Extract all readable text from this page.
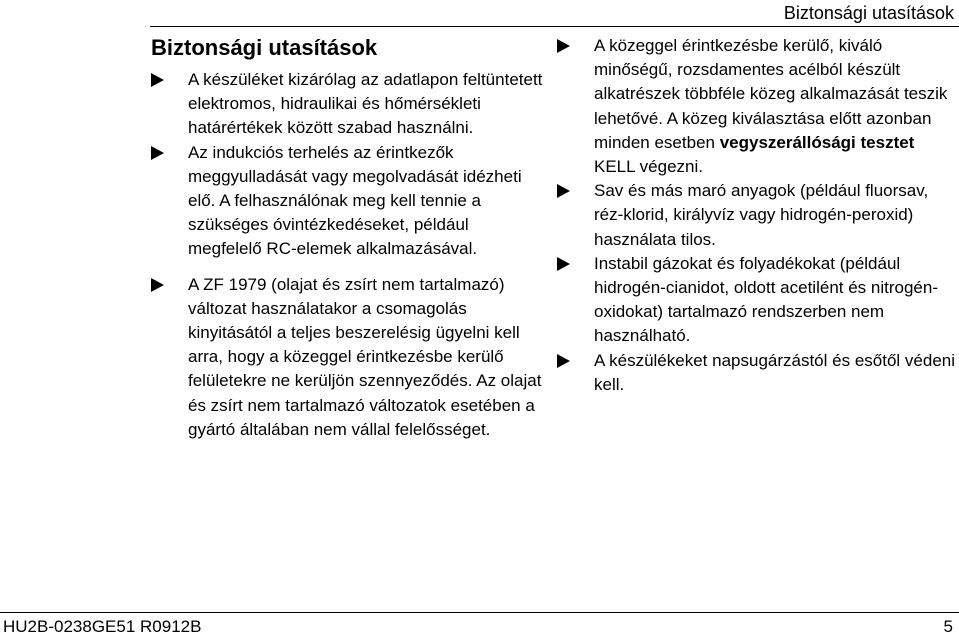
Biztonsági utasítások
Biztonsági utasítások

A készüléket kizárólag az adatlapon feltüntetett elektromos, hidraulikai és hőmérsékleti határértékek között szabad használni.

Az indukciós terhelés az érintkezők meggyulladását vagy megolvadását idézheti elő. A felhasználónak meg kell tennie a szükséges óvintézkedéseket, például megfelelő RC-elemek alkalmazásával.

A ZF 1979 (olajat és zsírt nem tartalmazó) változat használatakor a csomagolás kinyitásától a teljes beszerelésig ügyelni kell arra, hogy a közeggel érintkezésbe kerülő felületekre ne kerüljön szennyeződés. Az olajat és zsírt nem tartalmazó változatok esetében a gyártó általában nem vállal felelősséget.

A közeggel érintkezésbe kerülő, kiváló minőségű, rozsdamentes acélból készült alkatrészek többféle közeg alkalmazását teszik lehetővé. A közeg kiválasztása előtt azonban minden esetben vegyszerállósági tesztet KELL végezni.

Sav és más maró anyagok (például fluorsav, réz-klorid, királyvíz vagy hidrogén-peroxid) használata tilos.

Instabil gázokat és folyadékokat (például hidrogén-cianidot, oldott acetilént és nitrogén-oxidokat) tartalmazó rendszerben nem használható.

A készülékeket napsugárzástól és esőtől védeni kell.

HU2B-0238GE51 R0912B	5
